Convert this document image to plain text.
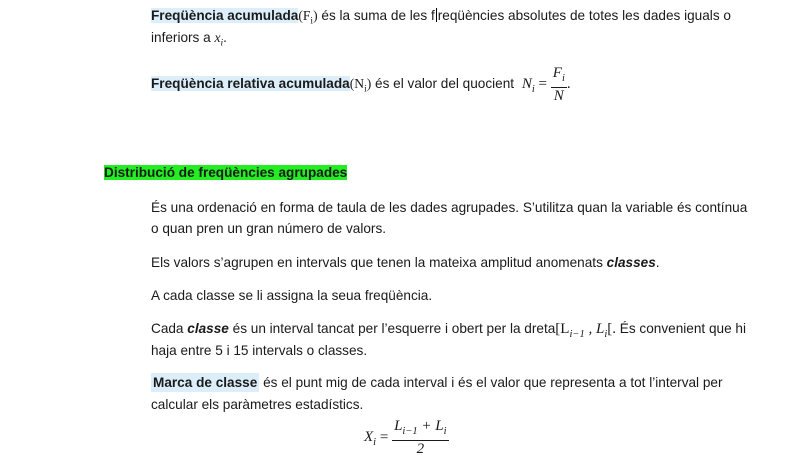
Freqüència $acumulada(F_i)$ és la suma de les f reqüències absolutes de totes les dades iguals o
inferiors a $x_i$.
Freqüència relativa $acumulada(N_i)$ és el valor del quocient $N_i = \frac{F_i}{N}$ .
Distribució de freqüències agrupades
És una ordenació en forma de taula de les dades agrupades. S’utilitza quan la variable és contínua
o quan pren un gran número de valors.
Els valors s’agrupen en intervals que tenen la mateixa amplitud anomenats classes.
A cada classe se li assigna la seua freqüència.
Cada classe és un interval tancat per l’esquerre i obert per la $dreta[L_{i-1}$ , $L_i$[. És convenient que hi
haja entre 5 i 15 intervals o classes.
Marca de classe és el punt mig de cada interval i és el valor que representa a tot l’interval per
calcular els paràmetres estadístics.
$X_i = \frac{L_{i-1} + L_i}{2}$
